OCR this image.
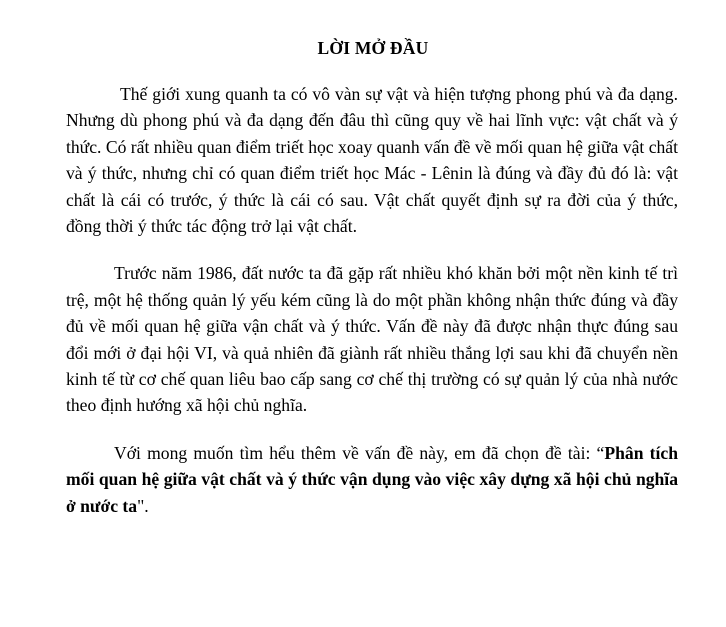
LỜI MỞ ĐẦU

Thế giới xung quanh ta có vô vàn sự vật và hiện tượng phong phú và đa dạng. Nhưng dù phong phú và đa dạng đến đâu thì cũng quy về hai lĩnh vực: vật chất và ý thức. Có rất nhiều quan điểm triết học xoay quanh vấn đề về mối quan hệ giữa vật chất và ý thức, nhưng chỉ có quan điểm triết học Mác - Lênin là đúng và đầy đủ đó là: vật chất là cái có trước, ý thức là cái có sau. Vật chất quyết định sự ra đời của ý thức, đồng thời ý thức tác động trở lại vật chất.

Trước năm 1986, đất nước ta đã gặp rất nhiều khó khăn bởi một nền kinh tế trì trệ, một hệ thống quản lý yếu kém cũng là do một phần không nhận thức đúng và đầy đủ về mối quan hệ giữa vận chất và ý thức. Vấn đề này đã được nhận thực đúng sau đổi mới ở đại hội VI, và quả nhiên đã giành rất nhiều thắng lợi sau khi đã chuyển nền kinh tế từ cơ chế quan liêu bao cấp sang cơ chế thị trường có sự quản lý của nhà nước theo định hướng xã hội chủ nghĩa.

Với mong muốn tìm hểu thêm về vấn đề này, em đã chọn đề tài: “Phân tích mối quan hệ giữa vật chất và ý thức vận dụng vào việc xây dựng xã hội chủ nghĩa ở nước ta".
